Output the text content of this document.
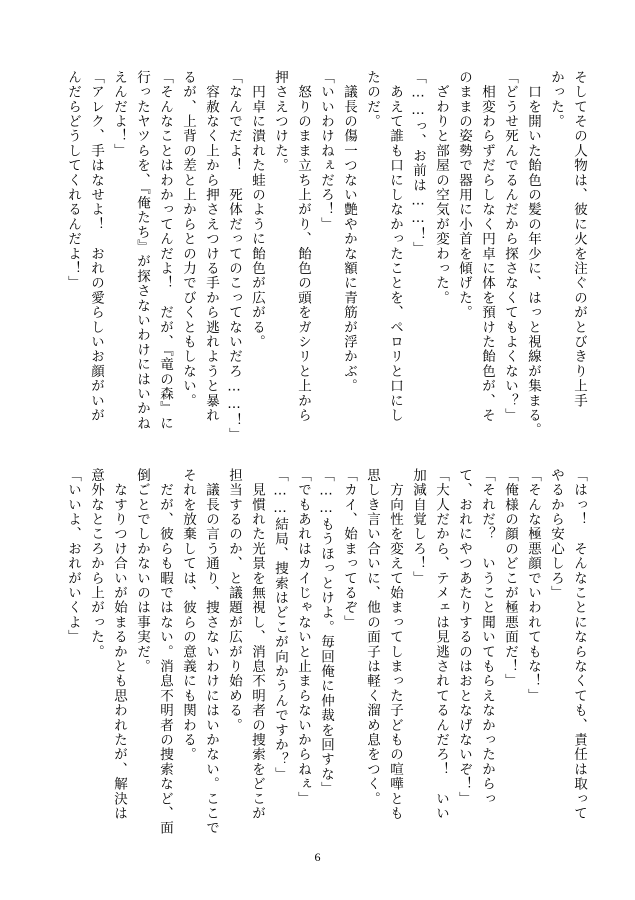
そしてその人物は、彼に火を注ぐのがとびきり上手
かった。
　口を開いた飴色の髪の年少に、はっと視線が集まる。
「どうせ死んでるんだから探さなくてもよくない？」
　相変わらずだらしなく円卓に体を預けた飴色が、そ
のままの姿勢で器用に小首を傾げた。
　ざわりと部屋の空気が変わった。
「……っ、お前は……！」
　あえて誰も口にしなかったことを、ペロリと口にし
たのだ。
　議長の傷一つない艶やかな額に青筋が浮かぶ。
「いいわけねぇだろ！」
　怒りのまま立ち上がり、飴色の頭をガシリと上から
押さえつけた。
　円卓に潰れた蛙のように飴色が広がる。
「なんでだよ！　死体だってのこってないだろ……！」
　容赦なく上から押さえつける手から逃れようと暴れ
るが、上背の差と上からとの力でびくともしない。
「そんなことはわかってんだよ！　だが、『竜の森』に
行ったヤツらを、『俺たち』が探さないわけにはいかね
えんだよ！」
「アレク、手はなせよ！　おれの愛らしいお顔がいが
んだらどうしてくれるんだよ！」
「はっ！　そんなことにならなくても、責任は取って
やるから安心しろ」
「そんな極悪顔でいわれてもな！」
「俺様の顔のどこが極悪面だ！」
「それだ？　いうこと聞いてもらえなかったからっ
て、おれにやつあたりするのはおとなげないぞ！」
「大人だから、テメェは見逃されてるんだろ！　いい
加減自覚しろ！」
　方向性を変えて始まってしまった子どもの喧嘩とも
思しき言い合いに、他の面子は軽く溜め息をつく。
「カイ、始まってるぞ」
「……もうほっとけよ。毎回俺に仲裁を回すな」
「でもあれはカイじゃないと止まらないからねぇ」
「……結局、捜索はどこが向かうんですか？」
　見慣れた光景を無視し、消息不明者の捜索をどこが
担当するのか、と議題が広がり始める。
　議長の言う通り、捜さないわけにはいかない。ここで
それを放棄しては、彼らの意義にも関わる。
　だが、彼らも暇ではない。消息不明者の捜索など、面
倒ごとでしかないのは事実だ。
　なすりつけ合いが始まるかとも思われたが、解決は
意外なところから上がった。
「いいよ、おれがいくよ」
6
